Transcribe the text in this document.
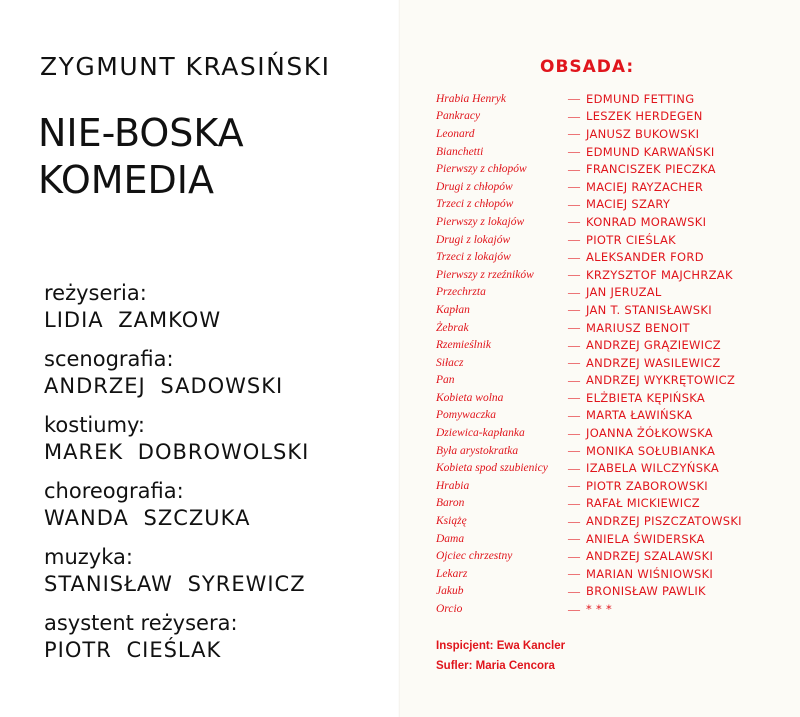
ZYGMUNT KRASIŃSKI
NIE-BOSKA
KOMEDIA
reżyseria:
LIDIA ZAMKOW
scenografia:
ANDRZEJ SADOWSKI
kostiumy:
MAREK DOBROWOLSKI
choreografia:
WANDA SZCZUKA
muzyka:
STANISŁAW SYREWICZ
asystent reżysera:
PIOTR CIEŚLAK
OBSADA:
Hrabia Henryk	— EDMUND FETTING
Pankracy	— LESZEK HERDEGEN
Leonard	— JANUSZ BUKOWSKI
Bianchetti	— EDMUND KARWAŃSKI
Pierwszy z chłopów	— FRANCISZEK PIECZKA
Drugi z chłopów	— MACIEJ RAYZACHER
Trzeci z chłopów	— MACIEJ SZARY
Pierwszy z lokajów	— KONRAD MORAWSKI
Drugi z lokajów	— PIOTR CIEŚLAK
Trzeci z lokajów	— ALEKSANDER FORD
Pierwszy z rzeźników	— KRZYSZTOF MAJCHRZAK
Przechrzta	— JAN JERUZAL
Kapłan	— JAN T. STANISŁAWSKI
Żebrak	— MARIUSZ BENOIT
Rzemieślnik	— ANDRZEJ GRĄZIEWICZ
Siłacz	— ANDRZEJ WASILEWICZ
Pan	— ANDRZEJ WYKRĘTOWICZ
Kobieta wolna	— ELŻBIETA KĘPIŃSKA
Pomywaczka	— MARTA ŁAWIŃSKA
Dziewica-kapłanka	— JOANNA ŻÓŁKOWSKA
Była arystokratka	— MONIKA SOŁUBIANKA
Kobieta spod szubienicy	— IZABELA WILCZYŃSKA
Hrabia	— PIOTR ZABOROWSKI
Baron	— RAFAŁ MICKIEWICZ
Książę	— ANDRZEJ PISZCZATOWSKI
Dama	— ANIELA ŚWIDERSKA
Ojciec chrzestny	— ANDRZEJ SZALAWSKI
Lekarz	— MARIAN WIŚNIOWSKI
Jakub	— BRONISŁAW PAWLIK
Orcio	— * * *
Inspicjent: Ewa Kancler
Sufler: Maria Cencora
